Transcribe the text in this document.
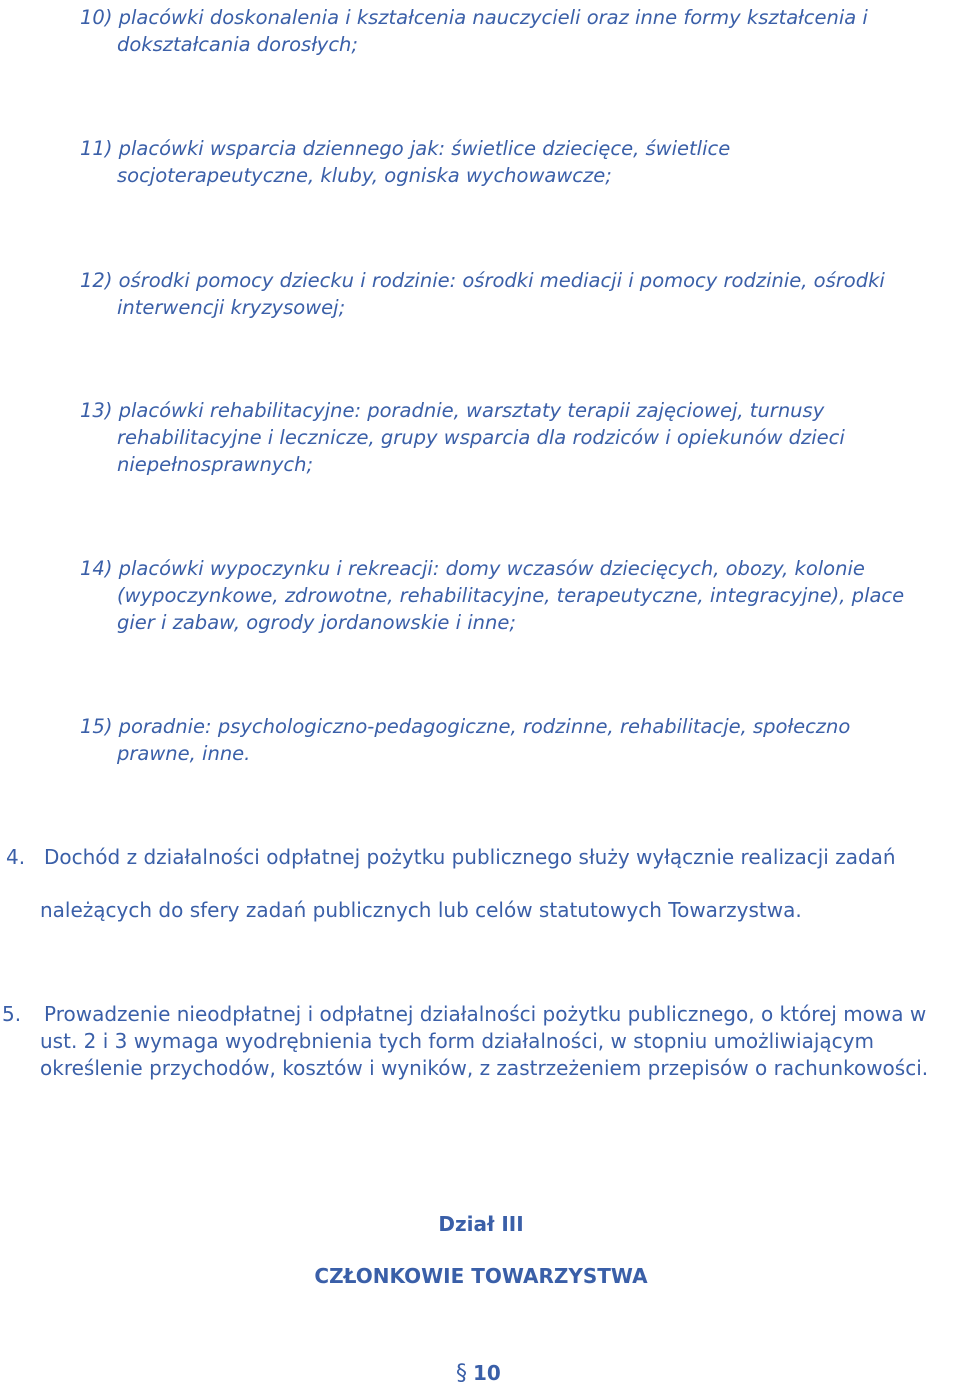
10) placówki doskonalenia i kształcenia nauczycieli oraz inne formy kształcenia i
dokształcania dorosłych;
11) placówki wsparcia dziennego jak: świetlice dziecięce, świetlice
socjoterapeutyczne, kluby, ogniska wychowawcze;
12) ośrodki pomocy dziecku i rodzinie: ośrodki mediacji i pomocy rodzinie, ośrodki
interwencji kryzysowej;
13) placówki rehabilitacyjne: poradnie, warsztaty terapii zajęciowej, turnusy
rehabilitacyjne i lecznicze, grupy wsparcia dla rodziców i opiekunów dzieci
niepełnosprawnych;
14) placówki wypoczynku i rekreacji: domy wczasów dziecięcych, obozy, kolonie
(wypoczynkowe, zdrowotne, rehabilitacyjne, terapeutyczne, integracyjne), place
gier i zabaw, ogrody jordanowskie i inne;
15) poradnie: psychologiczno-pedagogiczne, rodzinne, rehabilitacje, społeczno
prawne, inne.
4. Dochód z działalności odpłatnej pożytku publicznego służy wyłącznie realizacji zadań
należących do sfery zadań publicznych lub celów statutowych Towarzystwa.
5. Prowadzenie nieodpłatnej i odpłatnej działalności pożytku publicznego, o której mowa w
ust. 2 i 3 wymaga wyodrębnienia tych form działalności, w stopniu umożliwiającym
określenie przychodów, kosztów i wyników, z zastrzeżeniem przepisów o rachunkowości.
Dział III
CZŁONKOWIE TOWARZYSTWA
§ 10
